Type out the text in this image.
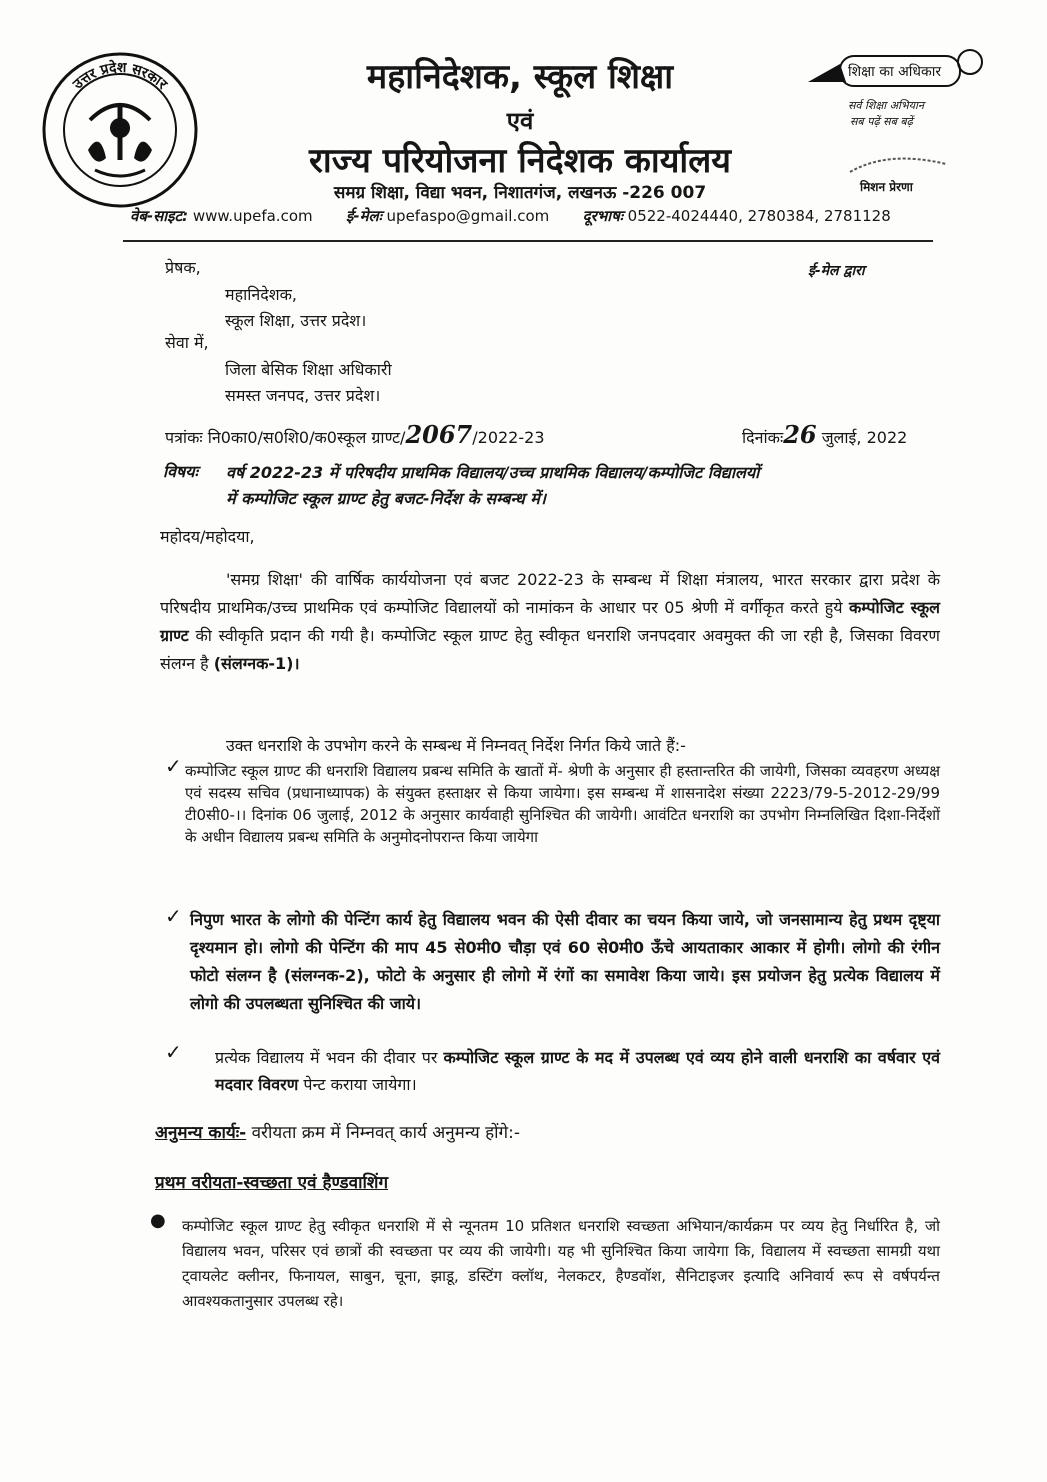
उत्तर प्रदेश सरकार	महानिदेशक, स्कूल शिक्षा
एवं
राज्य परियोजना निदेशक कार्यालय
समग्र शिक्षा, विद्या भवन, निशातगंज, लखनऊ -226 007
वेब-साइट: www.upefa.com ई-मेलः upefaspo@gmail.com दूरभाषः 0522-4024440, 2780384, 2781128
शिक्षा का अधिकार
सर्व शिक्षा अभियान
सब पढ़ें सब बढ़ें
मिशन प्रेरणा
प्रेषक,	ई-मेल द्वारा
महानिदेशक,
स्कूल शिक्षा, उत्तर प्रदेश।
सेवा में,
जिला बेसिक शिक्षा अधिकारी
समस्त जनपद, उत्तर प्रदेश।
पत्रांकः नि0का0/स0शि0/क0स्कूल ग्राण्ट/2067/2022-23	दिनांकः26 जुलाई, 2022
विषयः वर्ष 2022-23 में परिषदीय प्राथमिक विद्यालय/उच्च प्राथमिक विद्यालय/कम्पोजिट विद्यालयों
में कम्पोजिट स्कूल ग्राण्ट हेतु बजट-निर्देश के सम्बन्ध में।
महोदय/महोदया,
'समग्र शिक्षा' की वार्षिक कार्ययोजना एवं बजट 2022-23 के सम्बन्ध में शिक्षा मंत्रालय, भारत सरकार द्वारा प्रदेश के परिषदीय प्राथमिक/उच्च प्राथमिक एवं कम्पोजिट विद्यालयों को नामांकन के आधार पर 05 श्रेणी में वर्गीकृत करते हुये कम्पोजिट स्कूल ग्राण्ट की स्वीकृति प्रदान की गयी है। कम्पोजिट स्कूल ग्राण्ट हेतु स्वीकृत धनराशि जनपदवार अवमुक्त की जा रही है, जिसका विवरण संलग्न है (संलग्नक-1)।
उक्त धनराशि के उपभोग करने के सम्बन्ध में निम्नवत् निर्देश निर्गत किये जाते हैं:-
✓ कम्पोजिट स्कूल ग्राण्ट की धनराशि विद्यालय प्रबन्ध समिति के खातों में- श्रेणी के अनुसार ही हस्तान्तरित की जायेगी, जिसका व्यवहरण अध्यक्ष एवं सदस्य सचिव (प्रधानाध्यापक) के संयुक्त हस्ताक्षर से किया जायेगा। इस सम्बन्ध में शासनादेश संख्या 2223/79-5-2012-29/99 टी0सी0-।। दिनांक 06 जुलाई, 2012 के अनुसार कार्यवाही सुनिश्चित की जायेगी। आवंटित धनराशि का उपभोग निम्नलिखित दिशा-निर्देशों के अधीन विद्यालय प्रबन्ध समिति के अनुमोदनोपरान्त किया जायेगा
✓ निपुण भारत के लोगो की पेन्टिंग कार्य हेतु विद्यालय भवन की ऐसी दीवार का चयन किया जाये, जो जनसामान्य हेतु प्रथम दृष्ट्या दृश्यमान हो। लोगो की पेन्टिंग की माप 45 से0मी0 चौड़ा एवं 60 से0मी0 ऊँचे आयताकार आकार में होगी। लोगो की रंगीन फोटो संलग्न है (संलग्नक-2), फोटो के अनुसार ही लोगो में रंगों का समावेश किया जाये। इस प्रयोजन हेतु प्रत्येक विद्यालय में लोगो की उपलब्धता सुनिश्चित की जाये।
✓ प्रत्येक विद्यालय में भवन की दीवार पर कम्पोजिट स्कूल ग्राण्ट के मद में उपलब्ध एवं व्यय होने वाली धनराशि का वर्षवार एवं मदवार विवरण पेन्ट कराया जायेगा।
अनुमन्य कार्यः- वरीयता क्रम में निम्नवत् कार्य अनुमन्य होंगे:-
प्रथम वरीयता-स्वच्छता एवं हैण्डवाशिंग
● कम्पोजिट स्कूल ग्राण्ट हेतु स्वीकृत धनराशि में से न्यूनतम 10 प्रतिशत धनराशि स्वच्छता अभियान/कार्यक्रम पर व्यय हेतु निर्धारित है, जो विद्यालय भवन, परिसर एवं छात्रों की स्वच्छता पर व्यय की जायेगी। यह भी सुनिश्चित किया जायेगा कि, विद्यालय में स्वच्छता सामग्री यथा ट्वायलेट क्लीनर, फिनायल, साबुन, चूना, झाडू, डस्टिंग क्लॉथ, नेलकटर, हैण्डवॉश, सैनिटाइजर इत्यादि अनिवार्य रूप से वर्षपर्यन्त आवश्यकतानुसार उपलब्ध रहे।
